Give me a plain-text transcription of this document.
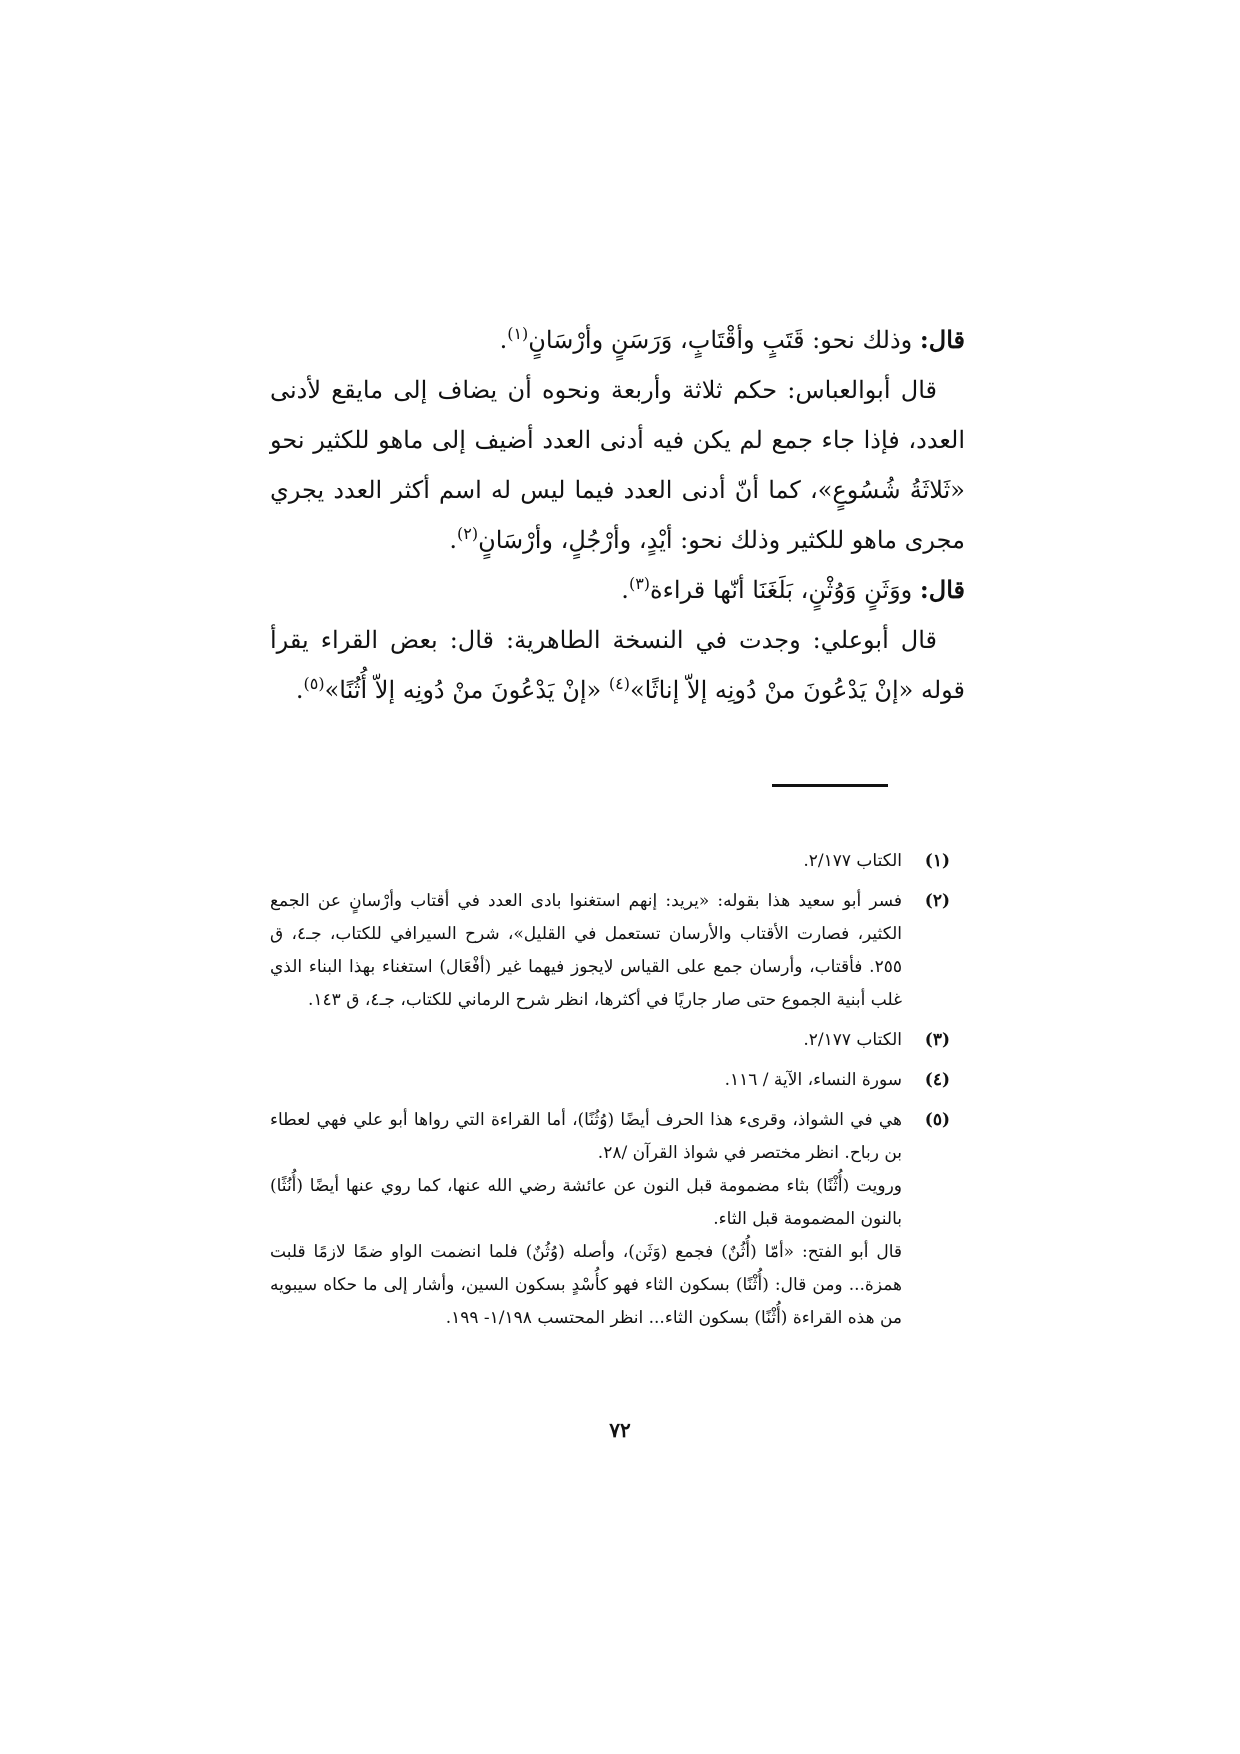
قال: وذلك نحو: قَتَبٍ وأقْتَابٍ، وَرَسَنٍ وأرْسَانٍ$^{(١)}$.

قال أبوالعباس: حكم ثلاثة وأربعة ونحوه أن يضاف إلى مايقع لأدنى العدد، فإذا جاء جمع لم يكن فيه أدنى العدد أضيف إلى ماهو للكثير نحو «ثَلاثَةُ شُسُوعٍ»، كما أنّ أدنى العدد فيما ليس له اسم أكثر العدد يجري مجرى ماهو للكثير وذلك نحو: أيْدٍ، وأرْجُلٍ، وأرْسَانٍ$^{(٢)}$.

قال: ووَثَنٍ وَوُثْنٍ، بَلَغَنَا أنّها قراءة$^{(٣)}$.

قال أبوعلي: وجدت في النسخة الطاهرية: قال: بعض القراء يقرأ قوله «إنْ يَدْعُونَ منْ دُونِه إلاّ إناثًا»$^{(٤)}$ «إنْ يَدْعُونَ منْ دُونِه إلاّ أُثُنًا»$^{(٥)}$.

(١)

الكتاب ٢/١٧٧.

(٢)

فسر أبو سعيد هذا بقوله: «يريد: إنهم استغنوا بادى العدد في أقتاب وأرْسانٍ عن الجمع الكثير، فصارت الأقتاب والأرسان تستعمل في القليل»، شرح السيرافي للكتاب، جـ٤، ق ٢٥٥. فأقتاب، وأرسان جمع على القياس لايجوز فيهما غير (أفْعَال) استغناء بهذا البناء الذي غلب أبنية الجموع حتى صار جاريًا في أكثرها، انظر شرح الرماني للكتاب، جـ٤، ق ١٤٣.

(٣)

الكتاب ٢/١٧٧.

(٤)

سورة النساء، الآية / ١١٦.

(٥)

هي في الشواذ، وقرىء هذا الحرف أيضًا (وُثُنًا)، أما القراءة التي رواها أبو علي فهي لعطاء بن رباح. انظر مختصر في شواذ القرآن /٢٨.

ورويت (أُثْنًا) بثاء مضمومة قبل النون عن عائشة رضي الله عنها، كما روي عنها أيضًا (أُنُثًا) بالنون المضمومة قبل الثاء.

قال أبو الفتح: «أمّا (أُثُنٌ) فجمع (وَثَن)، وأصله (وُثُنٌ) فلما انضمت الواو ضمًا لازمًا قلبت همزة... ومن قال: (أُثْنًا) بسكون الثاء فهو كأُسْدٍ بسكون السين، وأشار إلى ما حكاه سيبويه من هذه القراءة (أُثْنًا) بسكون الثاء... انظر المحتسب ١/١٩٨- ١٩٩.

٧٢
